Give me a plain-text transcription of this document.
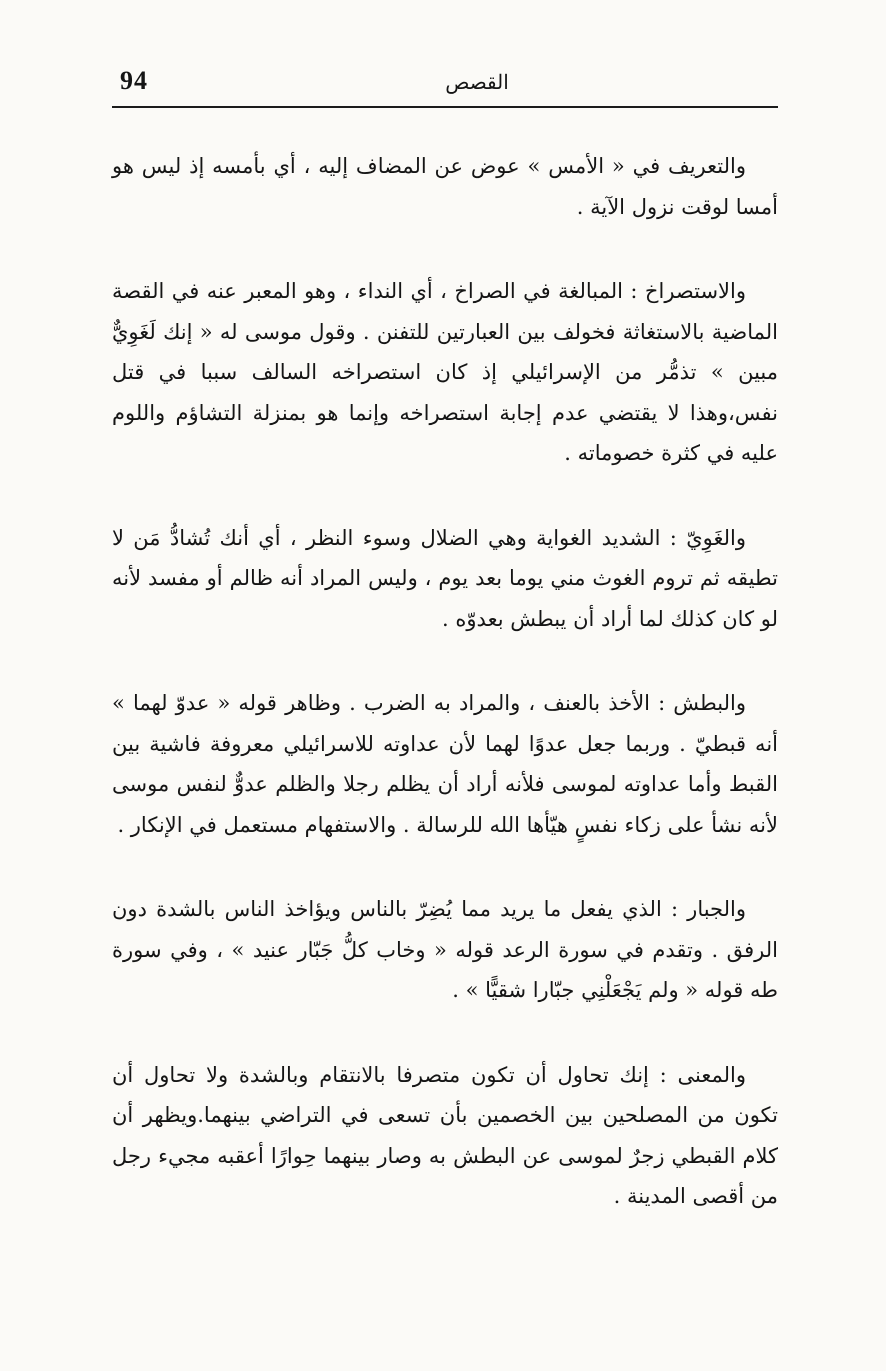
94	القصص

والتعريف في « الأمس » عوض عن المضاف إليه ، أي بأمسه إذ ليس هو أمسا لوقت نزول الآية .

والاستصراخ : المبالغة في الصراخ ، أي النداء ، وهو المعبر عنه في القصة الماضية بالاستغاثة فخولف بين العبارتين للتفنن . وقول موسى له « إنك لَغَوِيٌّ مبين » تذمُّر من الإسرائيلي إذ كان استصراخه السالف سببا في قتل نفس،وهذا لا يقتضي عدم إجابة استصراخه وإنما هو بمنزلة التشاؤم واللوم عليه في كثرة خصوماته .

والغَوِيّ : الشديد الغواية وهي الضلال وسوء النظر ، أي أنك تُشادُّ مَن لا تطيقه ثم تروم الغوث مني يوما بعد يوم ، وليس المراد أنه ظالم أو مفسد لأنه لو كان كذلك لما أراد أن يبطش بعدوّه .

والبطش : الأخذ بالعنف ، والمراد به الضرب . وظاهر قوله « عدوّ لهما » أنه قبطيّ . وربما جعل عدوًا لهما لأن عداوته للاسرائيلي معروفة فاشية بين القبط وأما عداوته لموسى فلأنه أراد أن يظلم رجلا والظلم عدوٌّ لنفس موسى لأنه نشأ على زكاء نفسٍ هيّأها الله للرسالة . والاستفهام مستعمل في الإنكار .

والجبار : الذي يفعل ما يريد مما يُضِرّ بالناس ويؤاخذ الناس بالشدة دون الرفق . وتقدم في سورة الرعد قوله « وخاب كلُّ جَبّار عنيد » ، وفي سورة طه قوله « ولم يَجْعَلْنِي جبّارا شقيًّا » .

والمعنى : إنك تحاول أن تكون متصرفا بالانتقام وبالشدة ولا تحاول أن تكون من المصلحين بين الخصمين بأن تسعى في التراضي بينهما.ويظهر أن كلام القبطي زجرٌ لموسى عن البطش به وصار بينهما حِوارًا أعقبه مجيء رجل من أقصى المدينة .
